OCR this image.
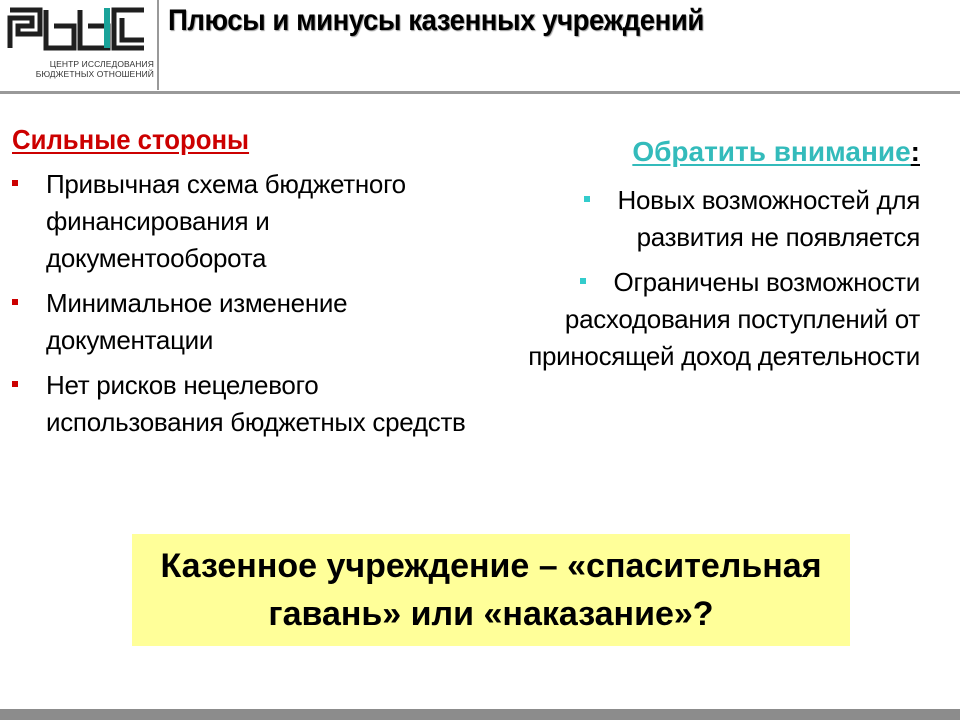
ЦЕНТР ИССЛЕДОВАНИЯ
БЮДЖЕТНЫХ ОТНОШЕНИЙ
Плюсы и минусы казенных учреждений
Сильные стороны
Привычная схема бюджетного финансирования и документооборота
Минимальное изменение документации
Нет рисков нецелевого использования бюджетных средств
Обратить внимание:
Новых возможностей для развития не появляется
Ограничены возможности расходования поступлений от приносящей доход деятельности
Казенное учреждение – «спасительная гавань» или «наказание»?
